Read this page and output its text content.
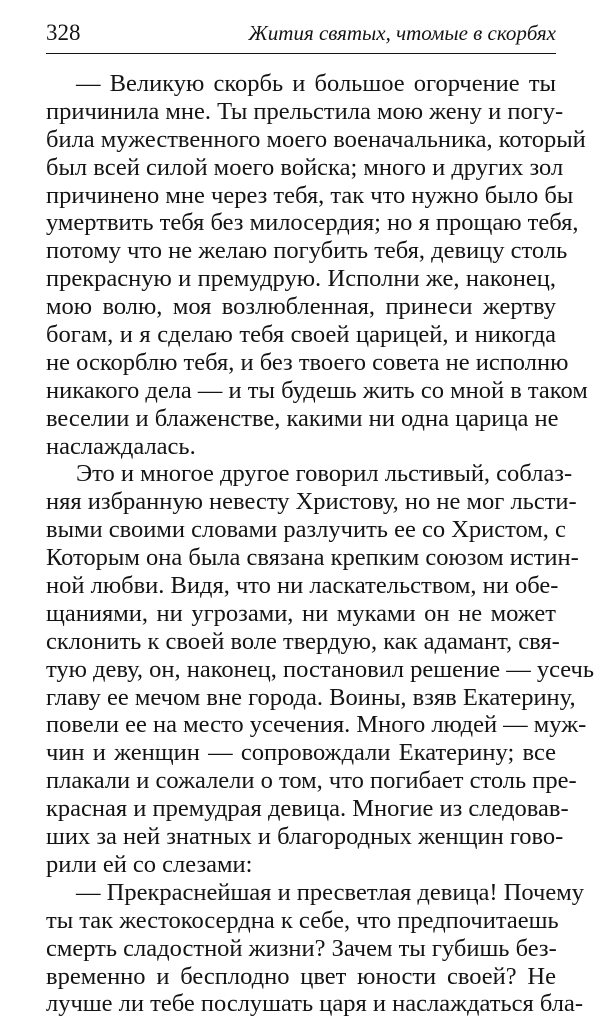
328	Жития святых, чтомые в скорбях
— Великую скорбь и большое огорчение ты
причинила мне. Ты прельстила мою жену и погу-
била мужественного моего военачальника, который
был всей силой моего войска; много и других зол
причинено мне через тебя, так что нужно было бы
умертвить тебя без милосердия; но я прощаю тебя,
потому что не желаю погубить тебя, девицу столь
прекрасную и премудрую. Исполни же, наконец,
мою волю, моя возлюбленная, принеси жертву
богам, и я сделаю тебя своей царицей, и никогда
не оскорблю тебя, и без твоего совета не исполню
никакого дела — и ты будешь жить со мной в таком
веселии и блаженстве, какими ни одна царица не
наслаждалась.
Это и многое другое говорил льстивый, соблаз-
няя избранную невесту Христову, но не мог льсти-
выми своими словами разлучить ее со Христом, с
Которым она была связана крепким союзом истин-
ной любви. Видя, что ни ласкательством, ни обе-
щаниями, ни угрозами, ни муками он не может
склонить к своей воле твердую, как адамант, свя-
тую деву, он, наконец, постановил решение — усечь
главу ее мечом вне города. Воины, взяв Екатерину,
повели ее на место усечения. Много людей — муж-
чин и женщин — сопровождали Екатерину; все
плакали и сожалели о том, что погибает столь пре-
красная и премудрая девица. Многие из следовав-
ших за ней знатных и благородных женщин гово-
рили ей со слезами:
— Прекраснейшая и пресветлая девица! Почему
ты так жестокосердна к себе, что предпочитаешь
смерть сладостной жизни? Зачем ты губишь без-
временно и бесплодно цвет юности своей? Не
лучше ли тебе послушать царя и наслаждаться бла-
